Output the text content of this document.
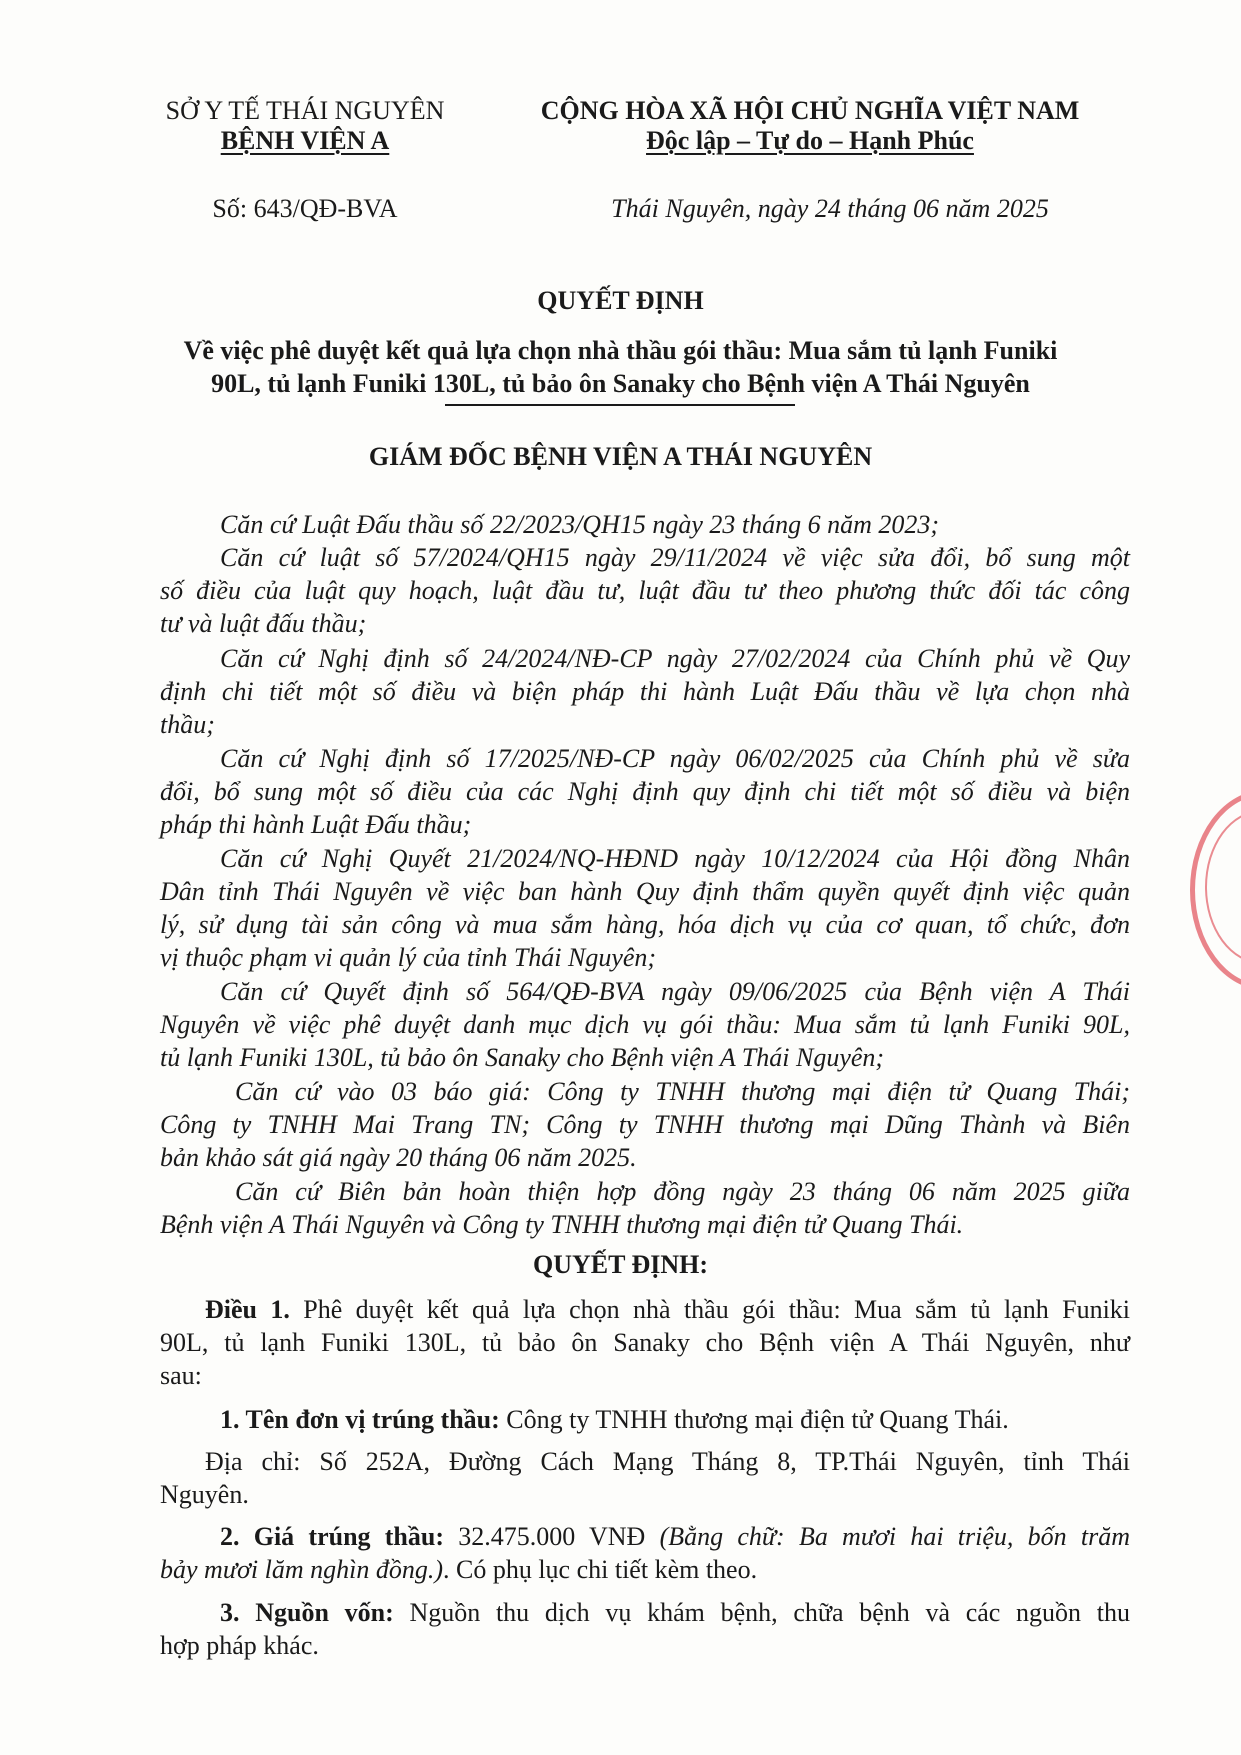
SỞ Y TẾ THÁI NGUYÊN
BỆNH VIỆN A
CỘNG HÒA XÃ HỘI CHỦ NGHĨA VIỆT NAM
Độc lập – Tự do – Hạnh Phúc
Số: 643/QĐ-BVA	Thái Nguyên, ngày 24 tháng 06 năm 2025
QUYẾT ĐỊNH
Về việc phê duyệt kết quả lựa chọn nhà thầu gói thầu: Mua sắm tủ lạnh Funiki
90L, tủ lạnh Funiki 130L, tủ bảo ôn Sanaky cho Bệnh viện A Thái Nguyên
GIÁM ĐỐC BỆNH VIỆN A THÁI NGUYÊN
Căn cứ Luật Đấu thầu số 22/2023/QH15 ngày 23 tháng 6 năm 2023;
Căn cứ luật số 57/2024/QH15 ngày 29/11/2024 về việc sửa đổi, bổ sung một
số điều của luật quy hoạch, luật đầu tư, luật đầu tư theo phương thức đối tác công
tư và luật đấu thầu;
Căn cứ Nghị định số 24/2024/NĐ-CP ngày 27/02/2024 của Chính phủ về Quy
định chi tiết một số điều và biện pháp thi hành Luật Đấu thầu về lựa chọn nhà
thầu;
Căn cứ Nghị định số 17/2025/NĐ-CP ngày 06/02/2025 của Chính phủ về sửa
đổi, bổ sung một số điều của các Nghị định quy định chi tiết một số điều và biện
pháp thi hành Luật Đấu thầu;
Căn cứ Nghị Quyết 21/2024/NQ-HĐND ngày 10/12/2024 của Hội đồng Nhân
Dân tỉnh Thái Nguyên về việc ban hành Quy định thẩm quyền quyết định việc quản
lý, sử dụng tài sản công và mua sắm hàng, hóa dịch vụ của cơ quan, tổ chức, đơn
vị thuộc phạm vi quản lý của tỉnh Thái Nguyên;
Căn cứ Quyết định số 564/QĐ-BVA ngày 09/06/2025 của Bệnh viện A Thái
Nguyên về việc phê duyệt danh mục dịch vụ gói thầu: Mua sắm tủ lạnh Funiki 90L,
tủ lạnh Funiki 130L, tủ bảo ôn Sanaky cho Bệnh viện A Thái Nguyên;
Căn cứ vào 03 báo giá: Công ty TNHH thương mại điện tử Quang Thái;
Công ty TNHH Mai Trang TN; Công ty TNHH thương mại Dũng Thành và Biên
bản khảo sát giá ngày 20 tháng 06 năm 2025.
Căn cứ Biên bản hoàn thiện hợp đồng ngày 23 tháng 06 năm 2025 giữa
Bệnh viện A Thái Nguyên và Công ty TNHH thương mại điện tử Quang Thái.
QUYẾT ĐỊNH:
Điều 1. Phê duyệt kết quả lựa chọn nhà thầu gói thầu: Mua sắm tủ lạnh Funiki
90L, tủ lạnh Funiki 130L, tủ bảo ôn Sanaky cho Bệnh viện A Thái Nguyên, như
sau:
1. Tên đơn vị trúng thầu: Công ty TNHH thương mại điện tử Quang Thái.
Địa chỉ: Số 252A, Đường Cách Mạng Tháng 8, TP.Thái Nguyên, tỉnh Thái
Nguyên.
2. Giá trúng thầu: 32.475.000 VNĐ (Bằng chữ: Ba mươi hai triệu, bốn trăm
bảy mươi lăm nghìn đồng.). Có phụ lục chi tiết kèm theo.
3. Nguồn vốn: Nguồn thu dịch vụ khám bệnh, chữa bệnh và các nguồn thu
hợp pháp khác.
